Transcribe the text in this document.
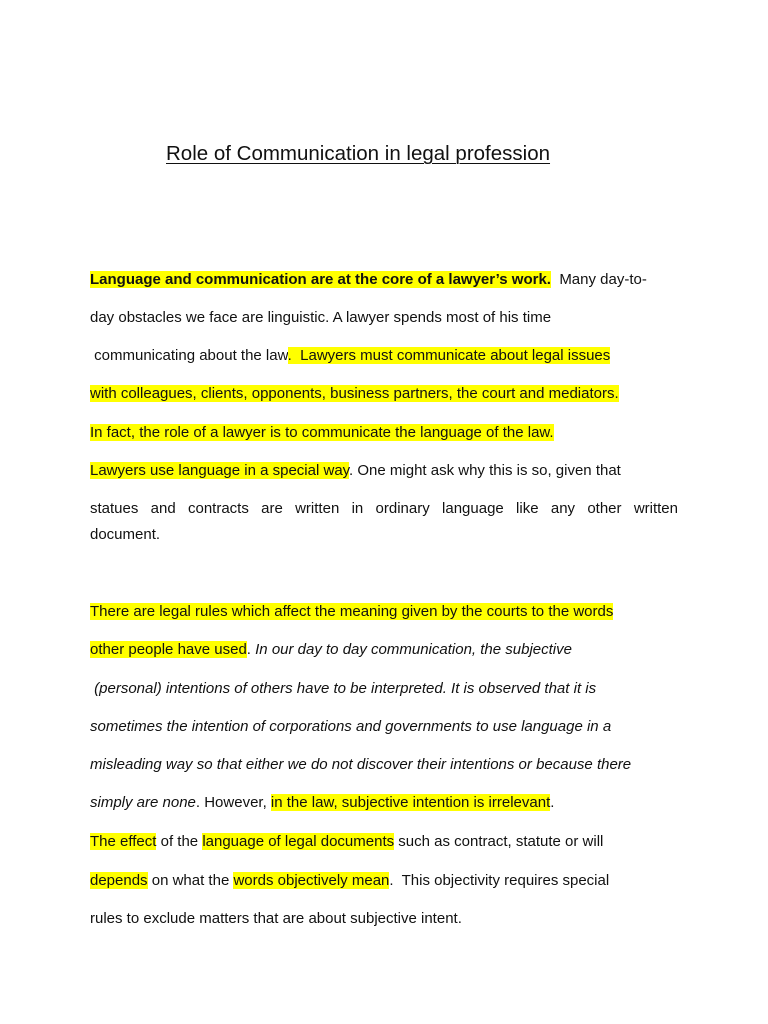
Role of Communication in legal profession

Language and communication are at the core of a lawyer’s work. Many day-to-

day obstacles we face are linguistic. A lawyer spends most of his time

communicating about the law.  Lawyers must communicate about legal issues

with colleagues, clients, opponents, business partners, the court and mediators.

In fact, the role of a lawyer is to communicate the language of the law.

Lawyers use language in a special way. One might ask why this is so, given that

statues and contracts are written in ordinary language like any other written

document.

There are legal rules which affect the meaning given by the courts to the words

other people have used. In our day to day communication, the subjective

(personal) intentions of others have to be interpreted. It is observed that it is

sometimes the intention of corporations and governments to use language in a

misleading way so that either we do not discover their intentions or because there

simply are none. However, in the law, subjective intention is irrelevant.

The effect of the language of legal documents such as contract, statute or will

depends on what the words objectively mean.  This objectivity requires special

rules to exclude matters that are about subjective intent.
